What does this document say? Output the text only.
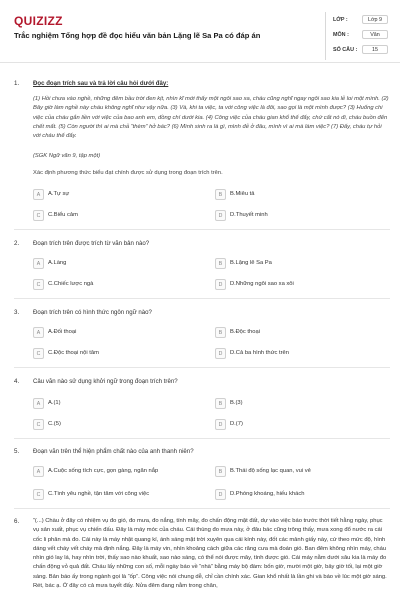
QUIZIZZ
Trắc nghiệm Tổng hợp đề đọc hiểu văn bản Lặng lẽ Sa Pa có đáp án
LỚP :	Lớp 9
MÔN :	Văn
SỐ CÂU :	15
1. Đọc đoạn trích sau và trả lời câu hỏi dưới đây:
(1) Hồi chưa vào nghề, những đêm bầu trời đen kịt, nhìn kĩ mới thấy một ngôi sao xa, cháu cũng nghĩ ngay ngôi sao kia lẻ loi một mình. (2) Bây giờ làm nghề này cháu không nghĩ như vậy nữa. (3) Và, khi ta việc, ta với công việc là đôi, sao gọi là một mình được? (3) Huống chi việc của cháu gắn liền với việc của bao anh em, đồng chí dưới kia. (4) Công việc của cháu gian khổ thế đấy, chứ cất nó đi, cháu buồn đến chết mất. (5) Còn người thì ai mà chả “thèm” hở bác? (6) Mình sinh ra là gì, mình đẻ ở đâu, mình vì ai mà làm việc? (7) Đấy, cháu tự hỏi với cháu thế đấy.
(SGK Ngữ văn 9, tập một)
Xác định phương thức biểu đạt chính được sử dụng trong đoạn trích trên.
A	A.Tự sự	B	B.Miêu tả
C	C.Biểu cảm	D	D.Thuyết minh
2. Đoạn trích trên được trích từ văn bản nào?
A	A.Làng	B	B.Lặng lẽ Sa Pa
C	C.Chiếc lược ngà	D	D.Những ngôi sao xa xôi
3. Đoạn trích trên có hình thức ngôn ngữ nào?
A	A.Đối thoại	B	B.Độc thoại
C	C.Độc thoại nội tâm	D	D.Cả ba hình thức trên
4. Câu văn nào sử dụng khởi ngữ trong đoạn trích trên?
A	A.(1)	B	B.(3)
C	C.(5)	D	D.(7)
5. Đoạn văn trên thể hiện phẩm chất nào của anh thanh niên?
A	A.Cuộc sống tích cực, gọn gàng, ngăn nắp	B	B.Thái độ sống lạc quan, vui vẻ
C	C.Tình yêu nghề, tận tâm với công việc	D	D.Phóng khoáng, hiếu khách
6. “(...) Chàu ở đây có nhiệm vụ đo gió, đo mưa, đo nắng, tính mây, đo chấn động mặt đất, dự vào việc báo trước thời tiết hằng ngày, phục vụ sản xuất, phục vụ chiến đấu. Đây là máy móc của cháu. Cái thùng đo mưa này, ở đâu bác cũng trông thấy, mưa xong đổ nước ra cái cốc li phân mà đo. Cái này là máy nhật quang kí, ánh sáng mặt trời xuyên qua cái kính này, đốt các mảnh giấy này, cứ theo mức độ, hình dáng vết cháy vết cháy mà định nắng. Đây là máy vin, nhìn khoảng cách giữa các răng cưa mà đoán gió. Ban đêm không nhìn máy, cháu nhìn gió lay lá, hay nhìn trời, thấy sao nào khuất, sao nào sáng, có thể nói được mây, tính được gió. Cái máy nằm dưới sâu kia là máy đo chấn động vỏ quả đất. Cháu lấy những con số, mỗi ngày báo về “nhà” bằng máy bộ đàm: bốn giờ, mười một giờ, bảy giờ tối, lại một giờ sáng. Bản báo ấy trong ngành gọi là “ốp”. Công việc nói chung dễ, chỉ cần chính xác. Gian khổ nhất là lần ghi và báo về lúc một giờ sáng. Rét, bác ạ. Ở đây có cả mưa tuyết đấy. Nửa đêm đang nằm trong chăn,
